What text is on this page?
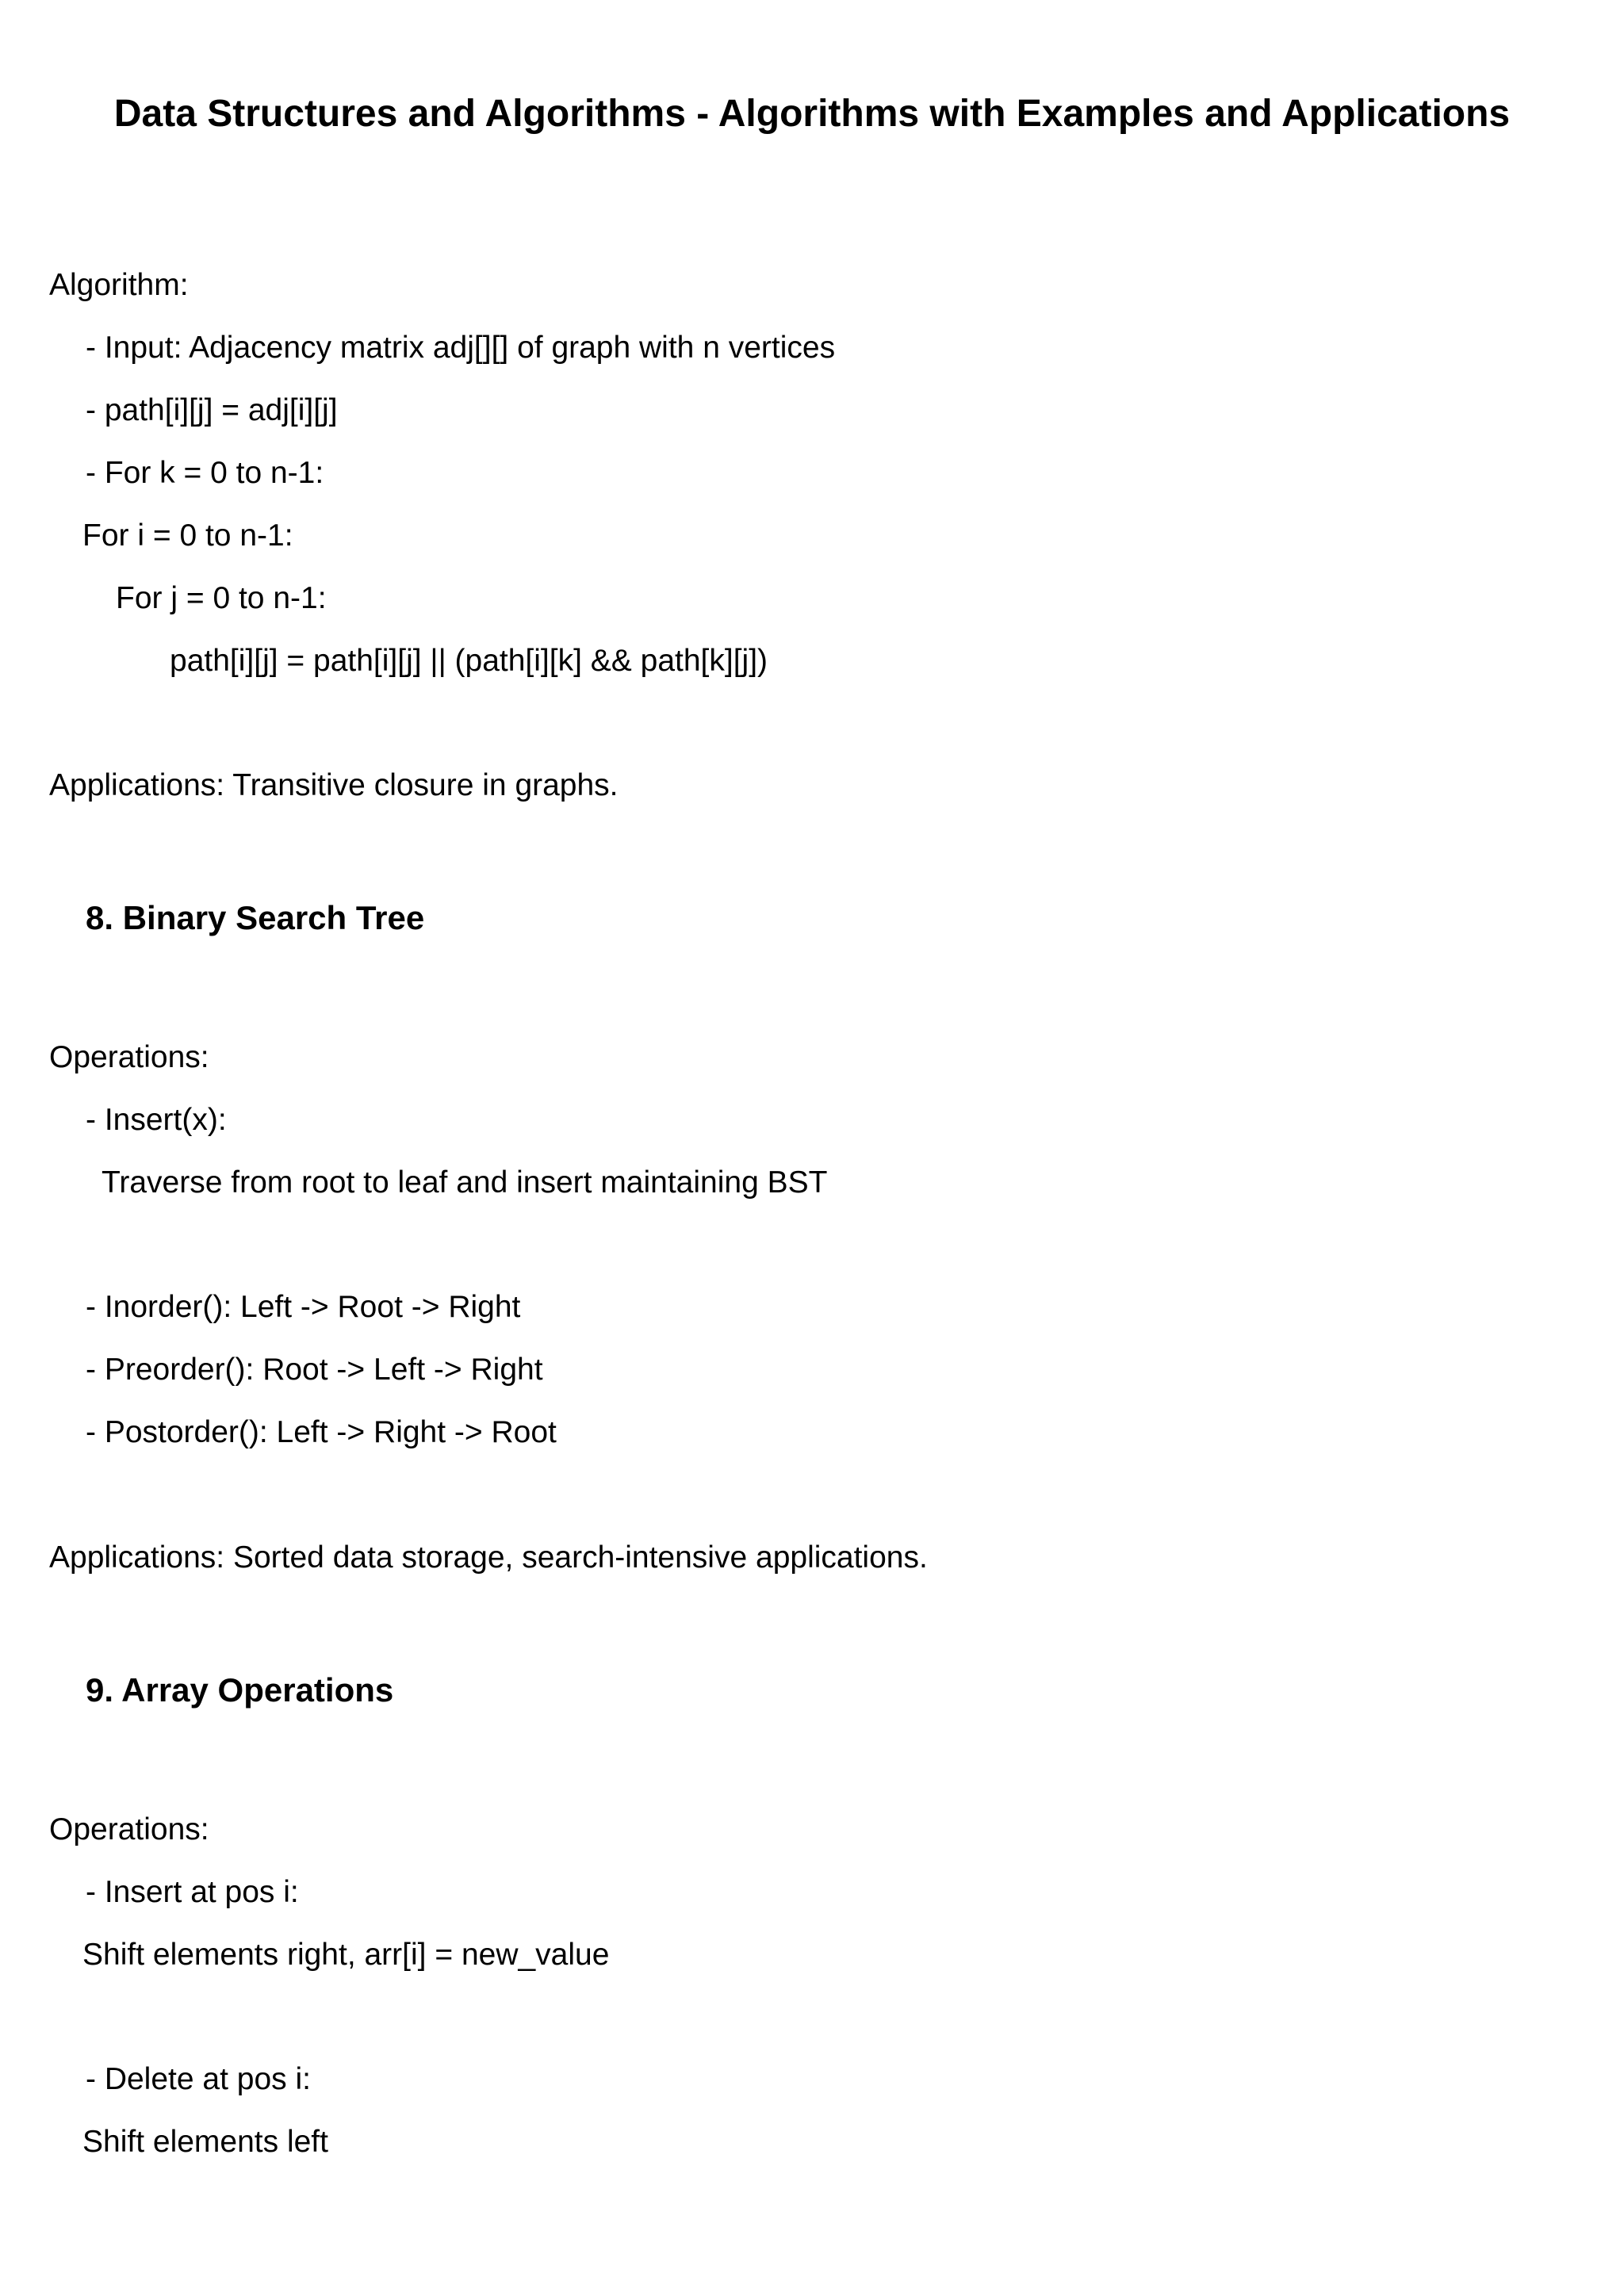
Data Structures and Algorithms - Algorithms with Examples and Applications

Algorithm:

- Input: Adjacency matrix adj[][] of graph with n vertices

- path[i][j] = adj[i][j]

- For k = 0 to n-1:

For i = 0 to n-1:

For j = 0 to n-1:

path[i][j] = path[i][j] || (path[i][k] && path[k][j])

Applications: Transitive closure in graphs.

8. Binary Search Tree

Operations:

- Insert(x):

Traverse from root to leaf and insert maintaining BST

- Inorder(): Left -> Root -> Right

- Preorder(): Root -> Left -> Right

- Postorder(): Left -> Right -> Root

Applications: Sorted data storage, search-intensive applications.

9. Array Operations

Operations:

- Insert at pos i:

Shift elements right, arr[i] = new_value

- Delete at pos i:

Shift elements left
